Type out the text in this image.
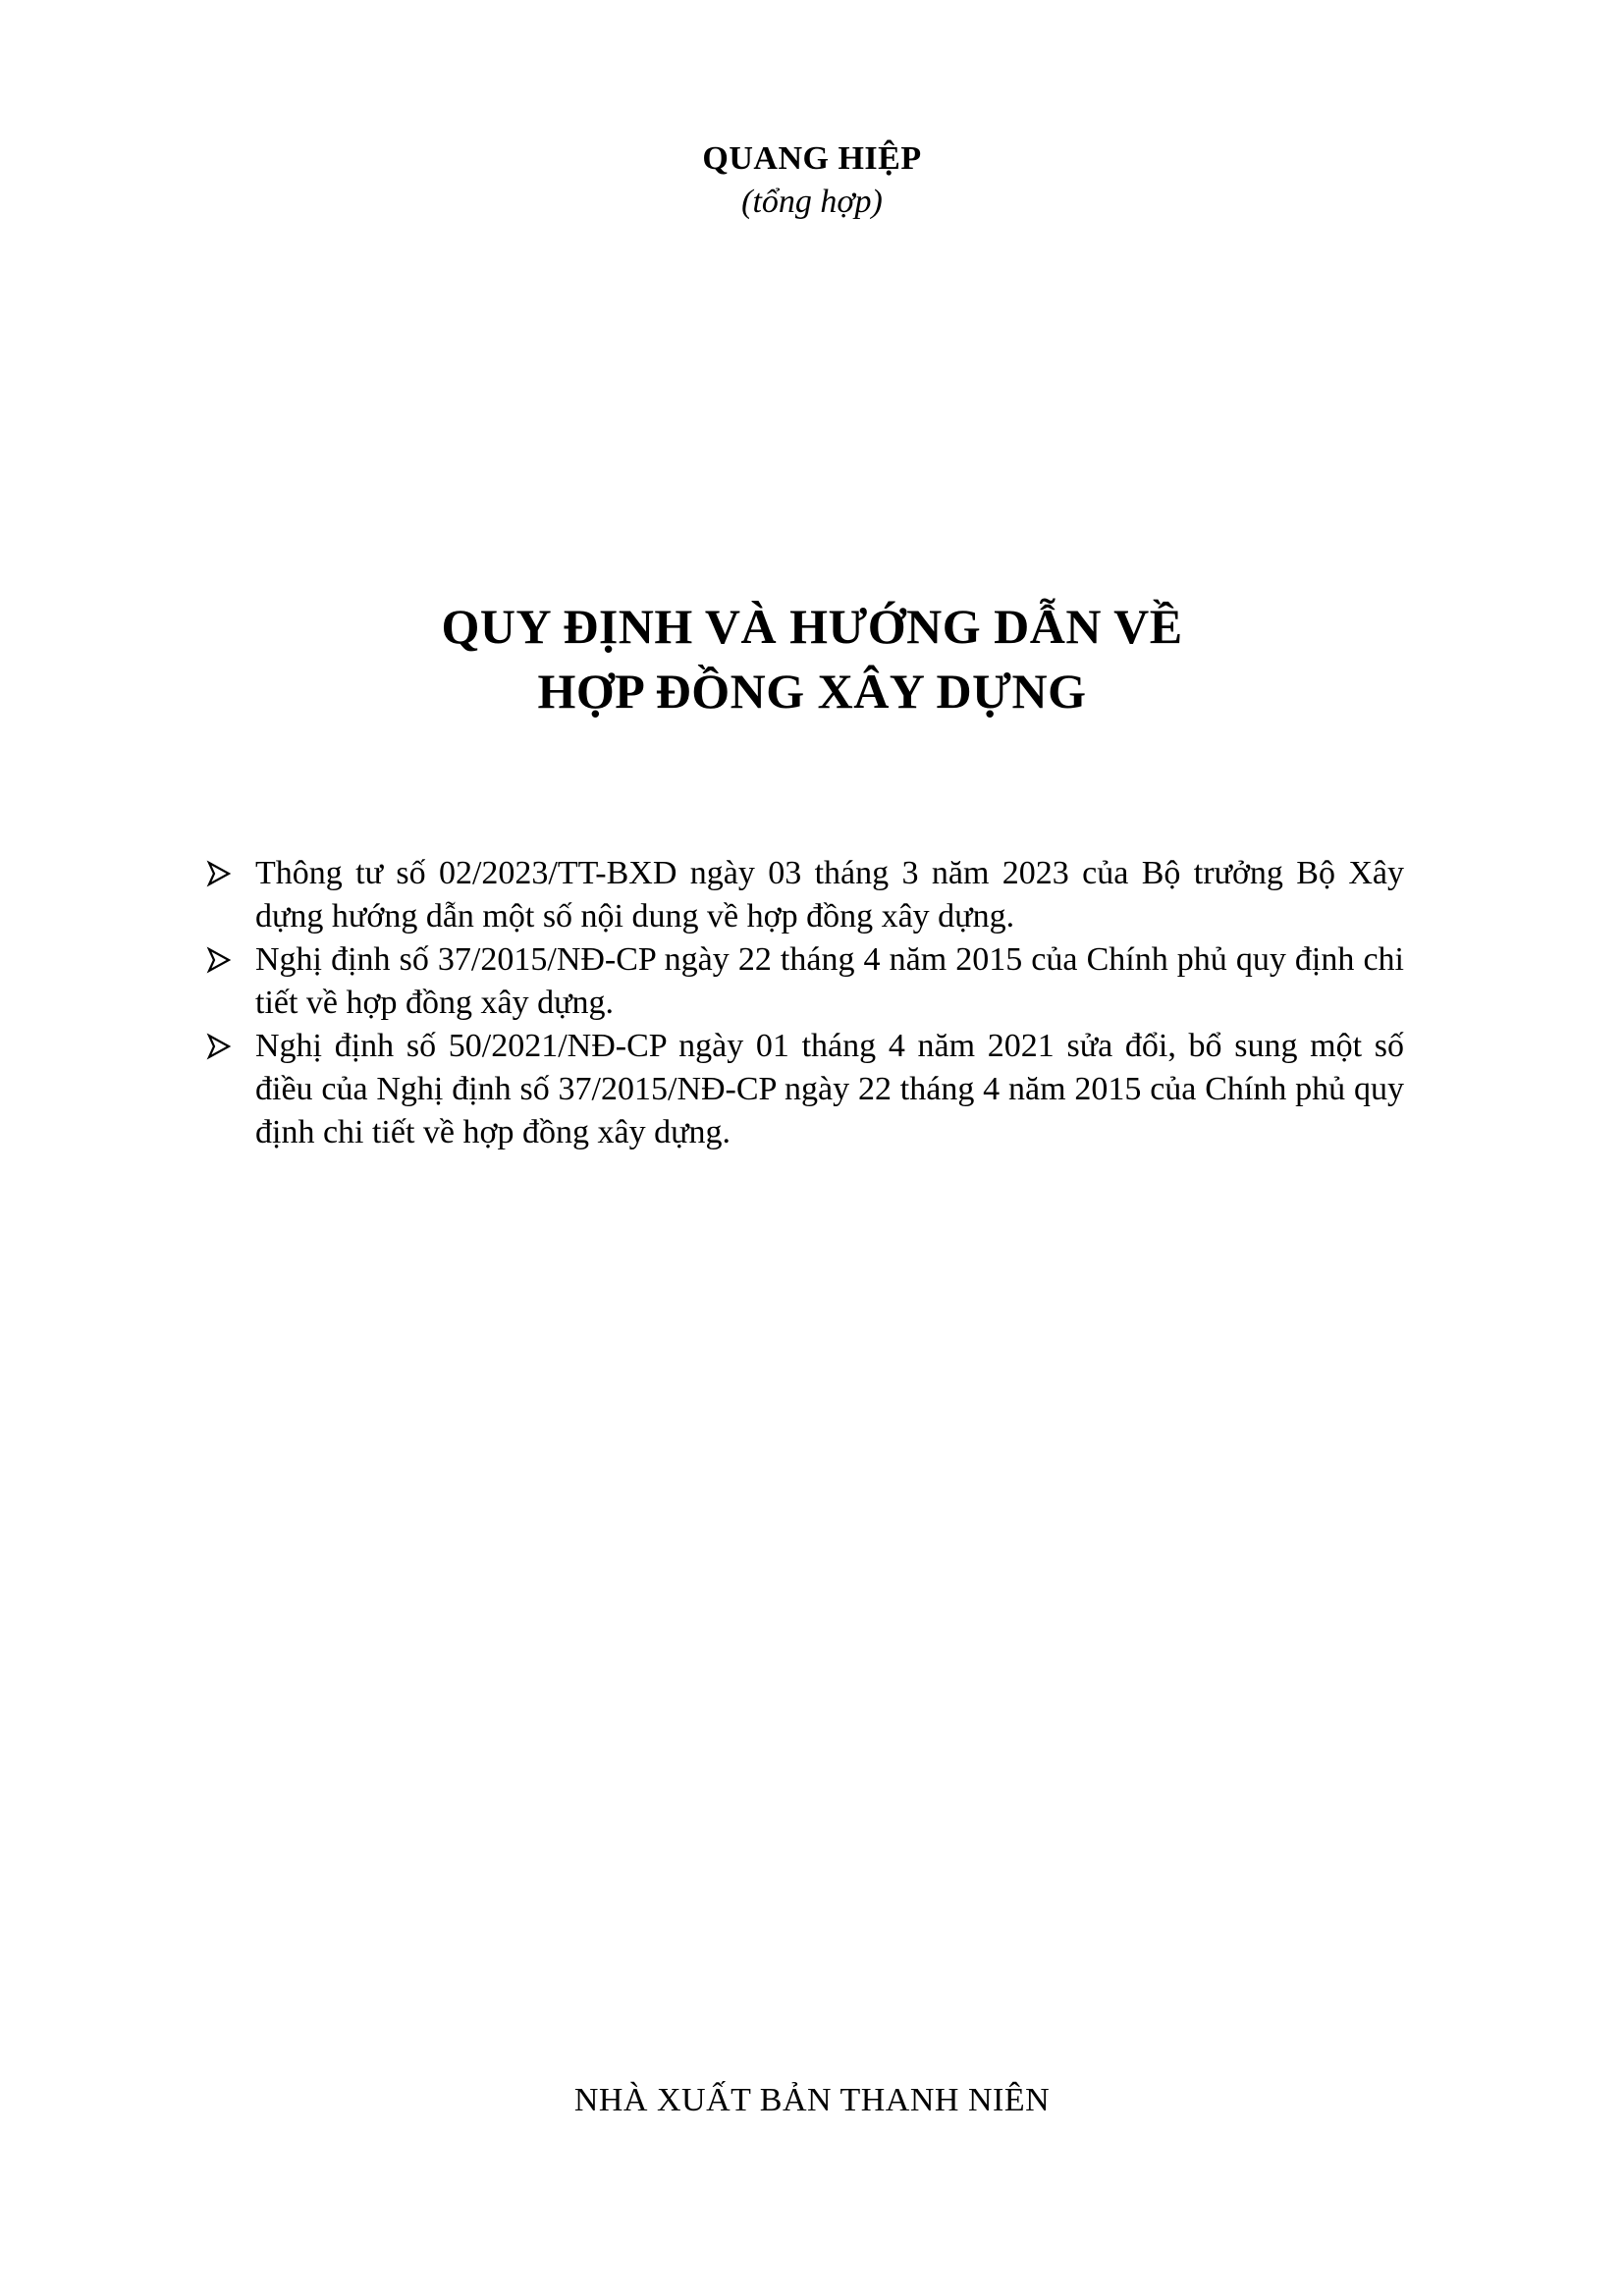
QUANG HIỆP
(tổng hợp)
QUY ĐỊNH VÀ HƯỚNG DẪN VỀ
HỢP ĐỒNG XÂY DỰNG
Thông tư số 02/2023/TT-BXD ngày 03 tháng 3 năm 2023 của Bộ trưởng Bộ Xây dựng hướng dẫn một số nội dung về hợp đồng xây dựng.
Nghị định số 37/2015/NĐ-CP ngày 22 tháng 4 năm 2015 của Chính phủ quy định chi tiết về hợp đồng xây dựng.
Nghị định số 50/2021/NĐ-CP ngày 01 tháng 4 năm 2021 sửa đổi, bổ sung một số điều của Nghị định số 37/2015/NĐ-CP ngày 22 tháng 4 năm 2015 của Chính phủ quy định chi tiết về hợp đồng xây dựng.
NHÀ XUẤT BẢN THANH NIÊN
